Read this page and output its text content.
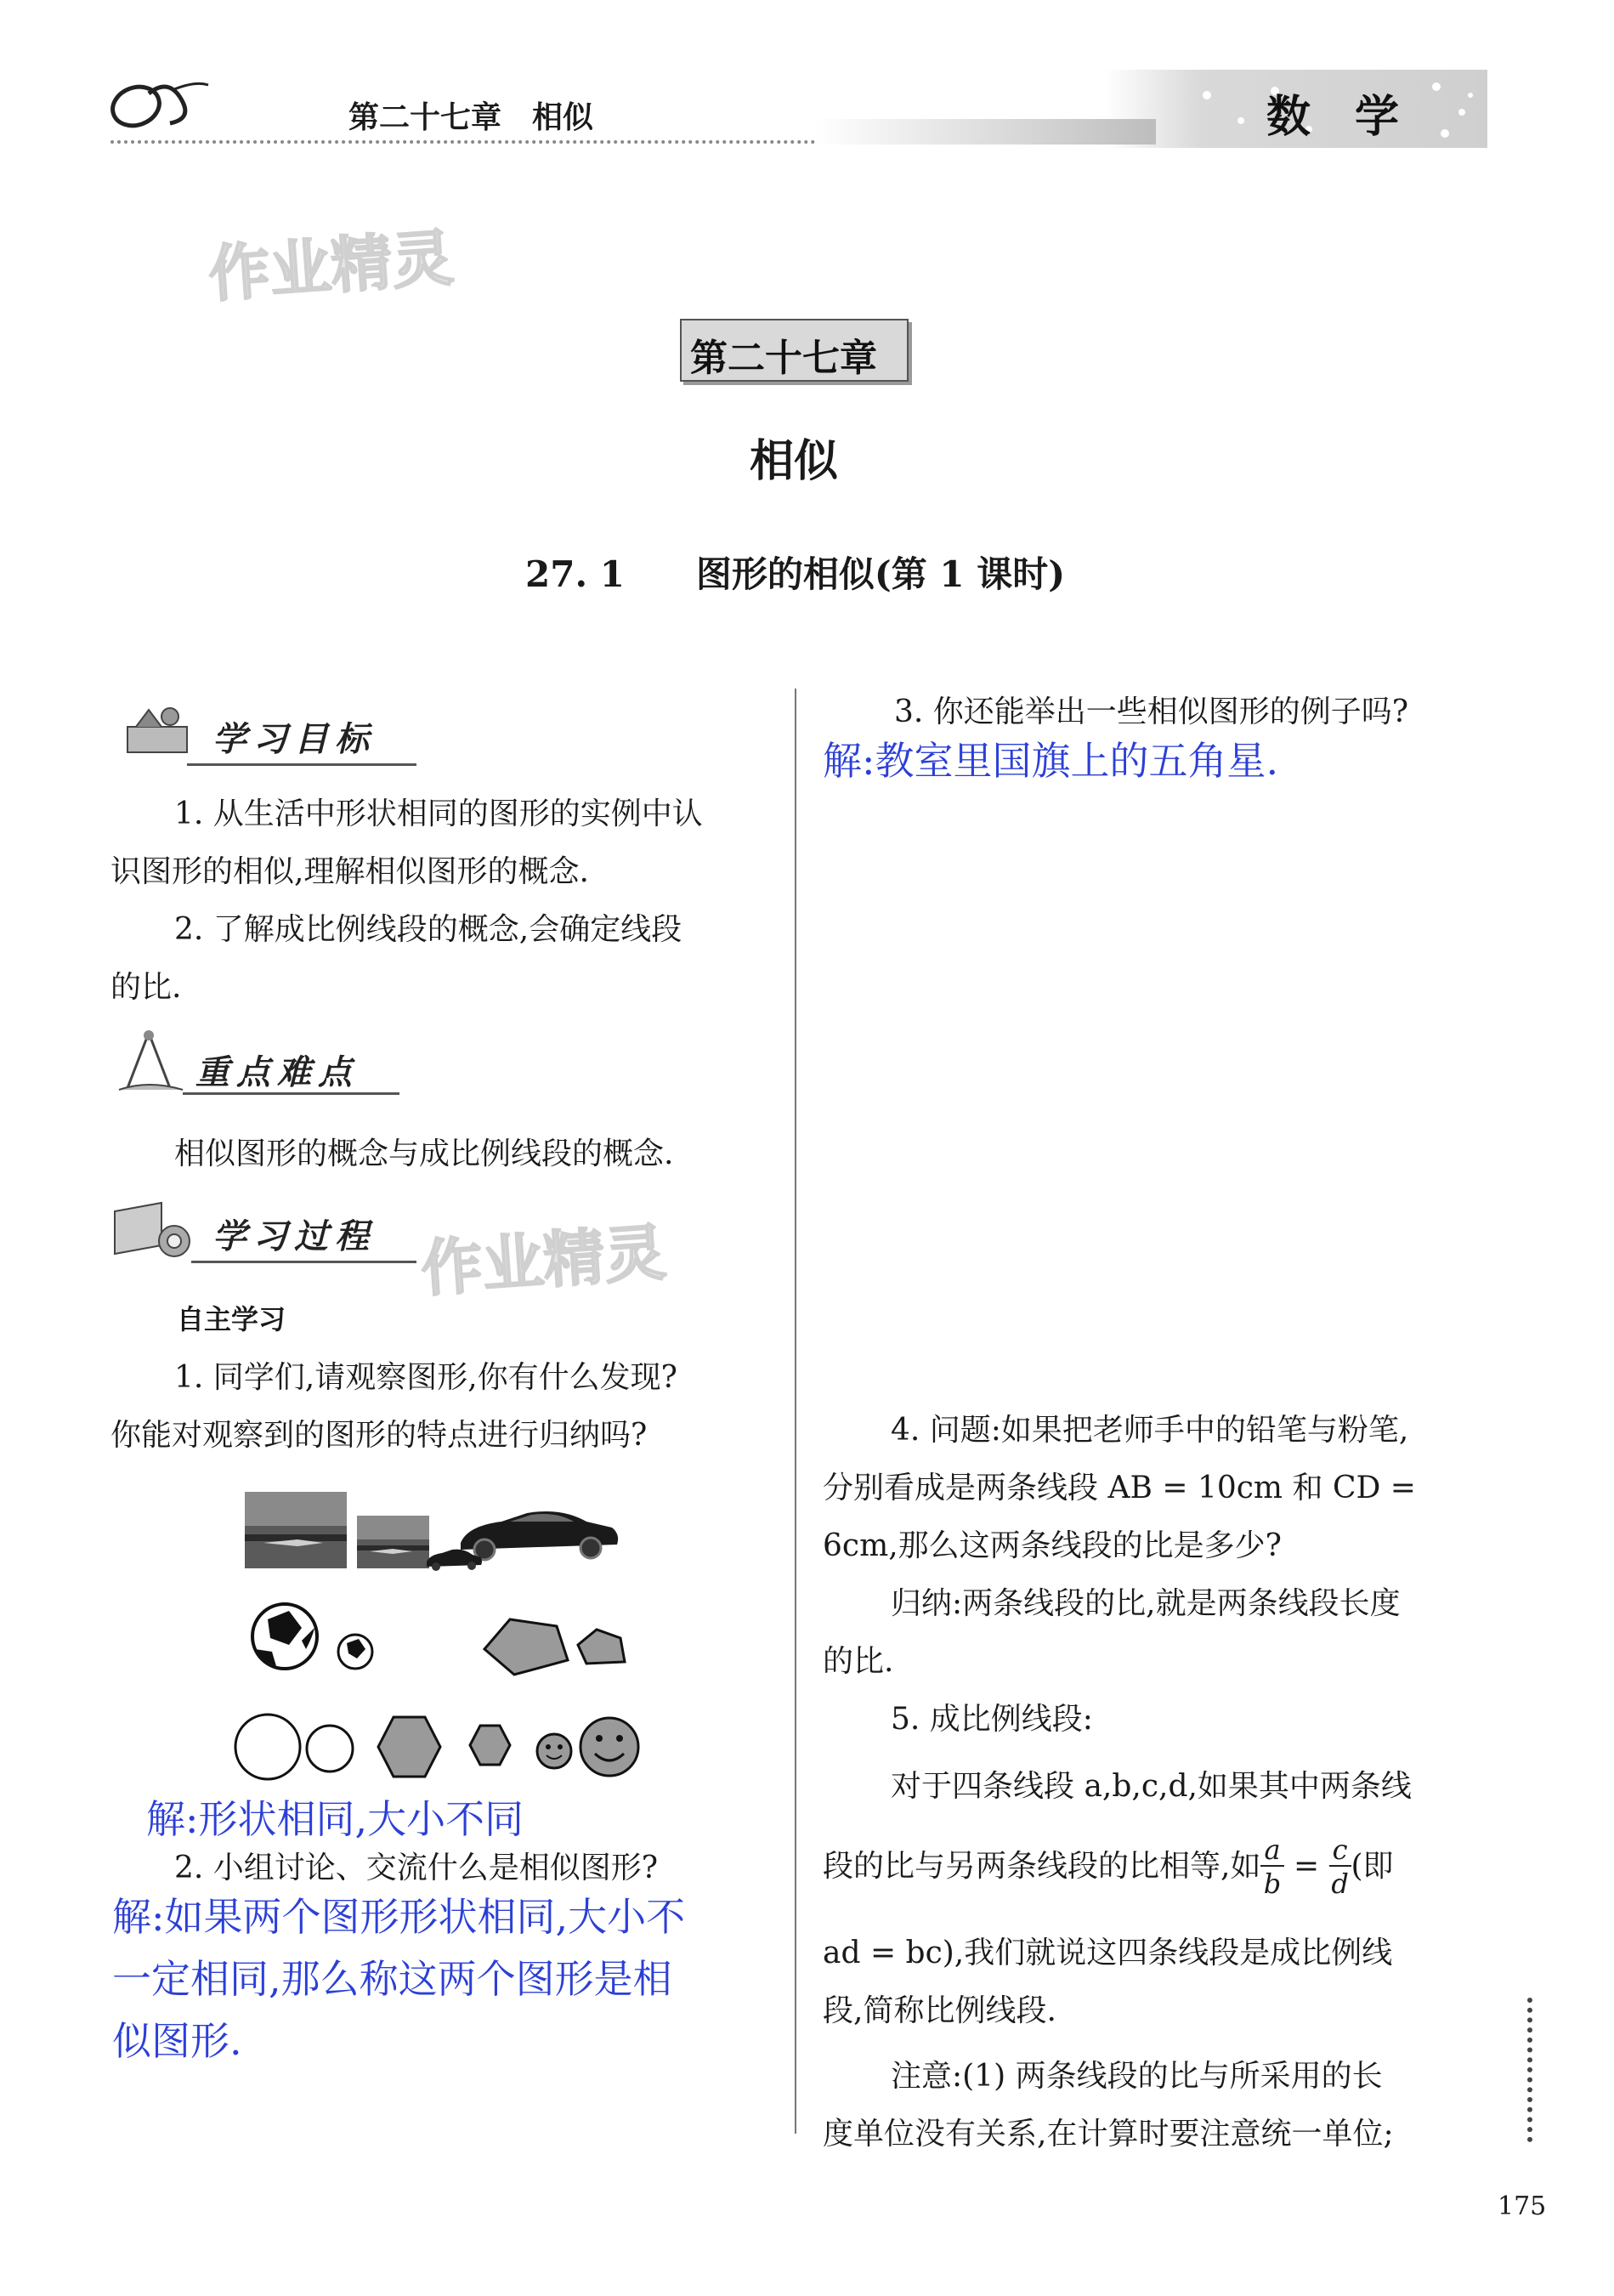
第二十七章　相似	数　学
作业精灵
作业精灵
第二十七章
相似
27. 1　　图形的相似(第 1 课时)
学习目标
1. 从生活中形状相同的图形的实例中认
识图形的相似,理解相似图形的概念.
2. 了解成比例线段的概念,会确定线段
的比.
重点难点
相似图形的概念与成比例线段的概念.
学习过程
自主学习
1. 同学们,请观察图形,你有什么发现?
你能对观察到的图形的特点进行归纳吗?
解:形状相同,大小不同
2. 小组讨论、交流什么是相似图形?
解:如果两个图形形状相同,大小不
一定相同,那么称这两个图形是相
似图形.
3. 你还能举出一些相似图形的例子吗?
解:教室里国旗上的五角星.
4. 问题:如果把老师手中的铅笔与粉笔,
分别看成是两条线段 AB = 10cm 和 CD =
6cm,那么这两条线段的比是多少?
归纳:两条线段的比,就是两条线段长度
的比.
5. 成比例线段:
对于四条线段 a,b,c,d,如果其中两条线
段的比与另两条线段的比相等,如 $\frac{a}{b} = \frac{c}{d}$ (即
ad = bc),我们就说这四条线段是成比例线
段,简称比例线段.
注意:(1) 两条线段的比与所采用的长
度单位没有关系,在计算时要注意统一单位;
175
